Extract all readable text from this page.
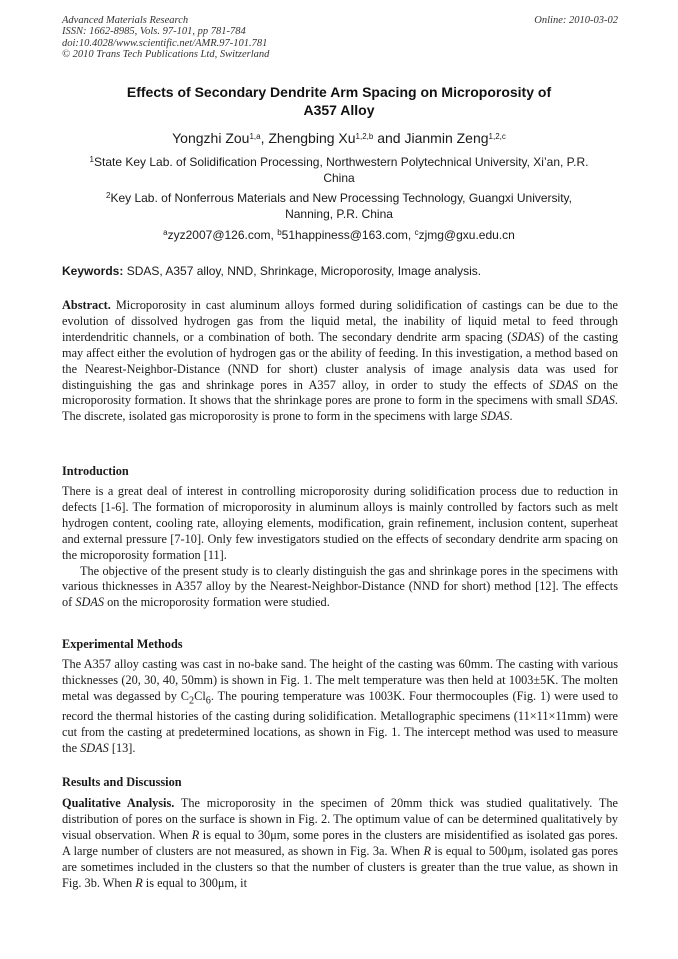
Advanced Materials Research
ISSN: 1662-8985, Vols. 97-101, pp 781-784
doi:10.4028/www.scientific.net/AMR.97-101.781
© 2010 Trans Tech Publications Ltd, Switzerland
Online: 2010-03-02
Effects of Secondary Dendrite Arm Spacing on Microporosity of
A357 Alloy
Yongzhi Zou$^{1,a}$, Zhengbing Xu$^{1,2,b}$ and Jianmin Zeng$^{1,2,c}$
$^1$State Key Lab. of Solidification Processing, Northwestern Polytechnical University, Xi’an, P.R.
China
$^2$Key Lab. of Nonferrous Materials and New Processing Technology, Guangxi University,
Nanning, P.R. China
$^a$zyz2007@126.com, $^b$51happiness@163.com, $^c$zjmg@gxu.edu.cn
Keywords: SDAS, A357 alloy, NND, Shrinkage, Microporosity, Image analysis.

Abstract. Microporosity in cast aluminum alloys formed during solidification of castings can be due to the evolution of dissolved hydrogen gas from the liquid metal, the inability of liquid metal to feed through interdendritic channels, or a combination of both. The secondary dendrite arm spacing (SDAS) of the casting may affect either the evolution of hydrogen gas or the ability of feeding. In this investigation, a method based on the Nearest-Neighbor-Distance (NND for short) cluster analysis of image analysis data was used for distinguishing the gas and shrinkage pores in A357 alloy, in order to study the effects of SDAS on the microporosity formation. It shows that the shrinkage pores are prone to form in the specimens with small SDAS. The discrete, isolated gas microporosity is prone to form in the specimens with large SDAS.

Introduction

There is a great deal of interest in controlling microporosity during solidification process due to reduction in defects [1-6]. The formation of microporosity in aluminum alloys is mainly controlled by factors such as melt hydrogen content, cooling rate, alloying elements, modification, grain refinement, inclusion content, superheat and external pressure [7-10]. Only few investigators studied on the effects of secondary dendrite arm spacing on the microporosity formation [11].

The objective of the present study is to clearly distinguish the gas and shrinkage pores in the specimens with various thicknesses in A357 alloy by the Nearest-Neighbor-Distance (NND for short) method [12]. The effects of SDAS on the microporosity formation were studied.

Experimental Methods

The A357 alloy casting was cast in no-bake sand. The height of the casting was 60mm. The casting with various thicknesses (20, 30, 40, 50mm) is shown in Fig. 1. The melt temperature was then held at 1003±5K. The molten metal was degassed by $C_2Cl_6$. The pouring temperature was 1003K. Four thermocouples (Fig. 1) were used to record the thermal histories of the casting during solidification. Metallographic specimens (11×11×11mm) were cut from the casting at predetermined locations, as shown in Fig. 1. The intercept method was used to measure the SDAS [13].

Results and Discussion

Qualitative Analysis. The microporosity in the specimen of 20mm thick was studied qualitatively. The distribution of pores on the surface is shown in Fig. 2. The optimum value of can be determined qualitatively by visual observation. When R is equal to 30μm, some pores in the clusters are misidentified as isolated gas pores. A large number of clusters are not measured, as shown in Fig. 3a. When R is equal to 500μm, isolated gas pores are sometimes included in the clusters so that the number of clusters is greater than the true value, as shown in Fig. 3b. When R is equal to 300μm, it
